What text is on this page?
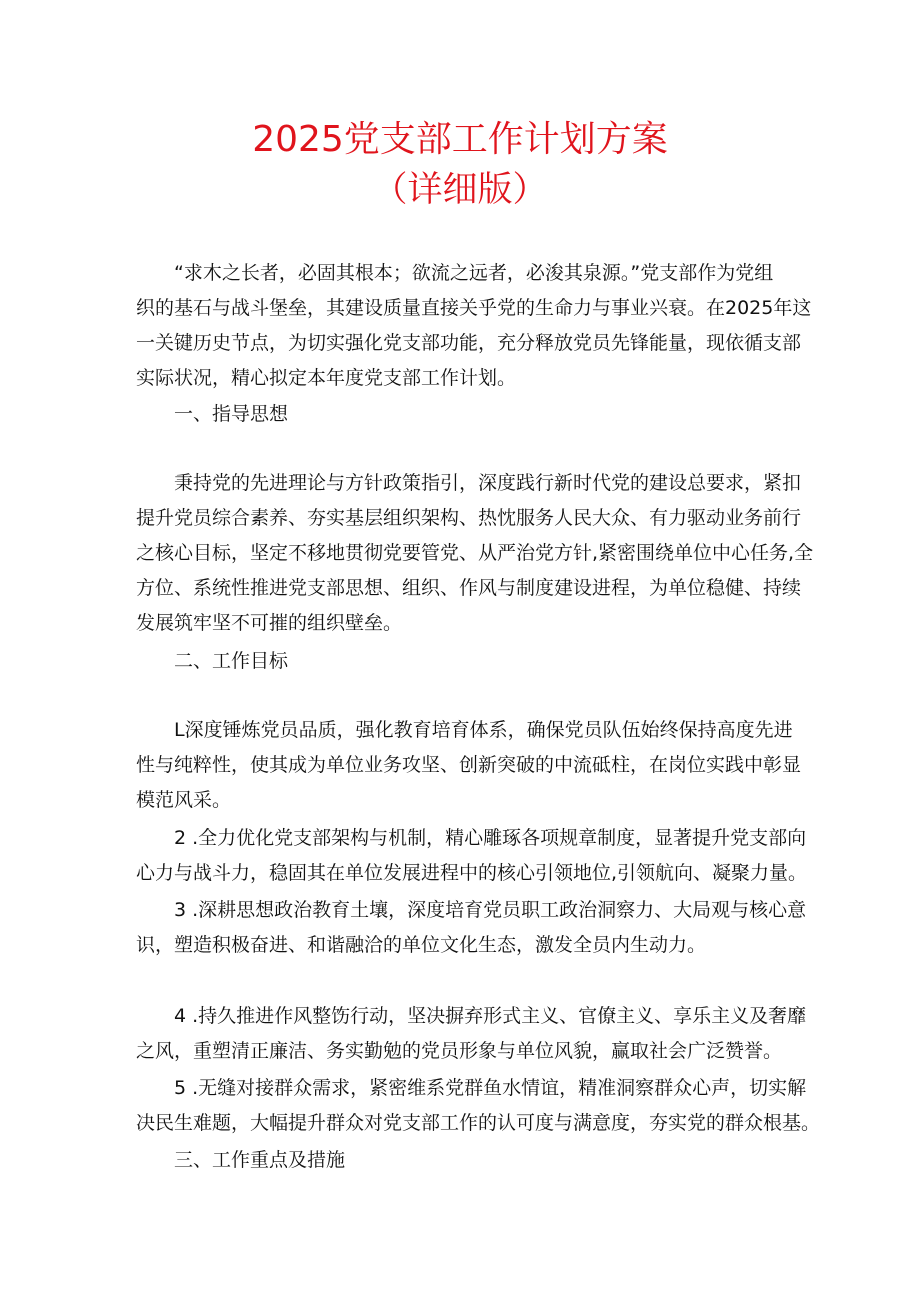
2025党支部工作计划方案
（详细版）
“求木之长者，必固其根本；欲流之远者，必浚其泉源。”党支部作为党组
织的基石与战斗堡垒，其建设质量直接关乎党的生命力与事业兴衰。在2025年这
一关键历史节点，为切实强化党支部功能，充分释放党员先锋能量，现依循支部
实际状况，精心拟定本年度党支部工作计划。
一、指导思想
秉持党的先进理论与方针政策指引，深度践行新时代党的建设总要求，紧扣
提升党员综合素养、夯实基层组织架构、热忱服务人民大众、有力驱动业务前行
之核心目标，坚定不移地贯彻党要管党、从严治党方针,紧密围绕单位中心任务,全
方位、系统性推进党支部思想、组织、作风与制度建设进程，为单位稳健、持续
发展筑牢坚不可摧的组织壁垒。
二、工作目标
L深度锤炼党员品质，强化教育培育体系，确保党员队伍始终保持高度先进
性与纯粹性，使其成为单位业务攻坚、创新突破的中流砥柱，在岗位实践中彰显
模范风采。
2 .全力优化党支部架构与机制，精心雕琢各项规章制度，显著提升党支部向
心力与战斗力，稳固其在单位发展进程中的核心引领地位,引领航向、凝聚力量。
3 .深耕思想政治教育土壤，深度培育党员职工政治洞察力、大局观与核心意
识，塑造积极奋进、和谐融洽的单位文化生态，激发全员内生动力。
4 .持久推进作风整饬行动，坚决摒弃形式主义、官僚主义、享乐主义及奢靡
之风，重塑清正廉洁、务实勤勉的党员形象与单位风貌，赢取社会广泛赞誉。
5 .无缝对接群众需求，紧密维系党群鱼水情谊，精准洞察群众心声，切实解
决民生难题，大幅提升群众对党支部工作的认可度与满意度，夯实党的群众根基。
三、工作重点及措施
